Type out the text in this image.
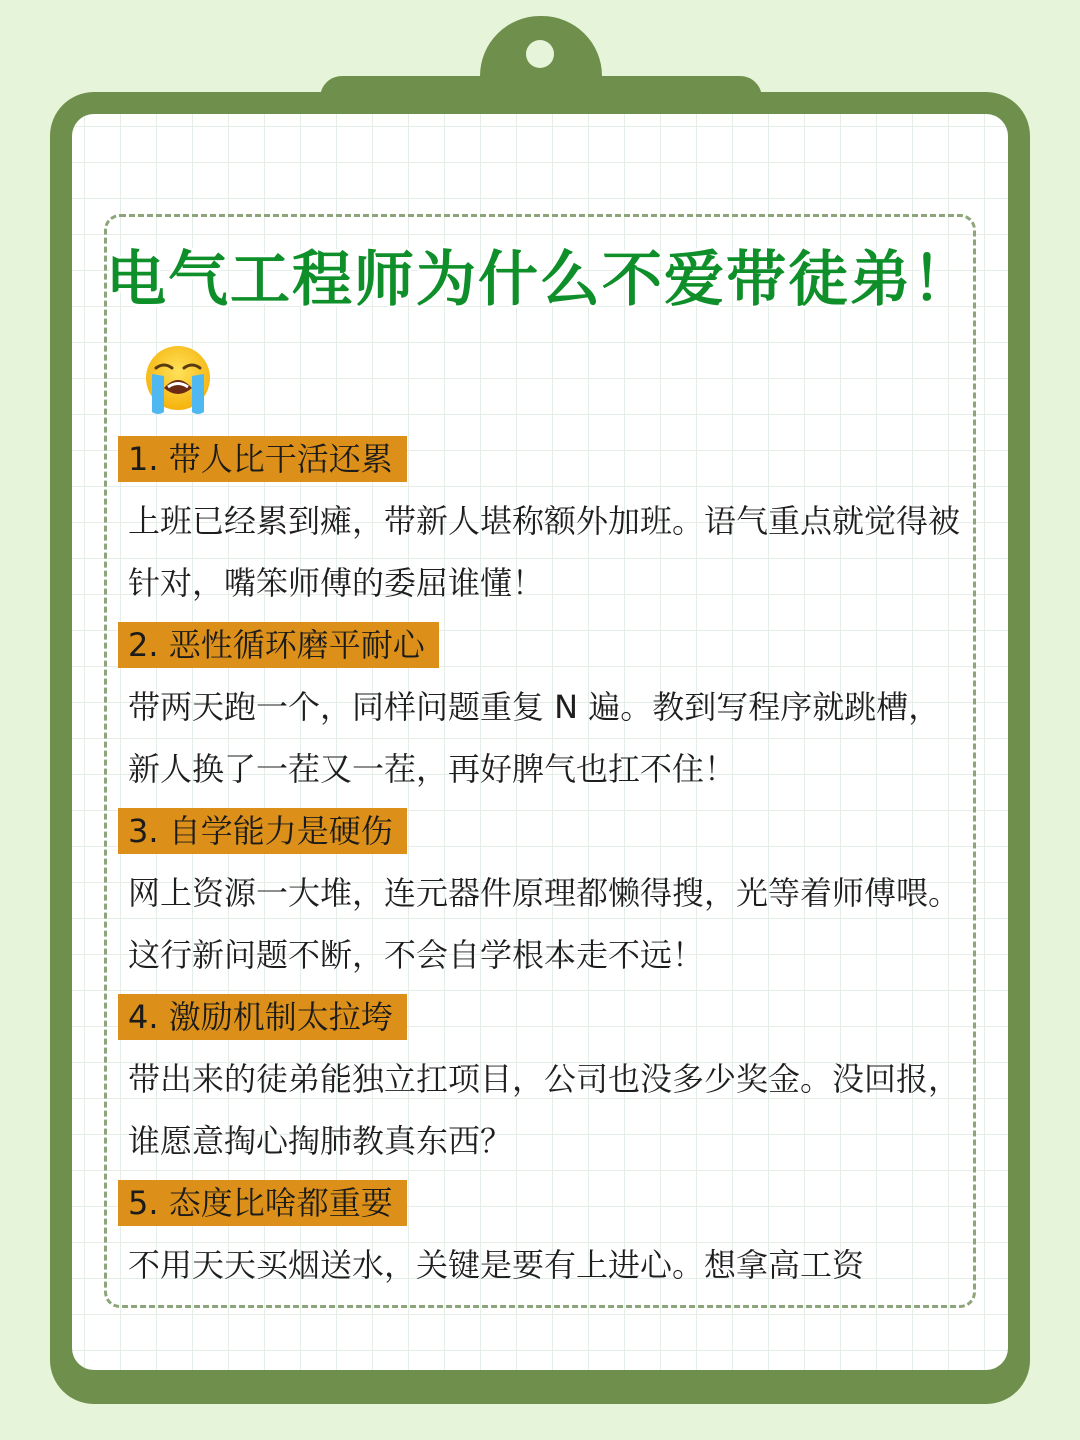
电气工程师为什么不爱带徒弟！
1. 带人比干活还累
上班已经累到瘫，带新人堪称额外加班。语气重点就觉得被针对，嘴笨师傅的委屈谁懂！
2. 恶性循环磨平耐心
带两天跑一个，同样问题重复 N 遍。教到写程序就跳槽，新人换了一茬又一茬，再好脾气也扛不住！
3. 自学能力是硬伤
网上资源一大堆，连元器件原理都懒得搜，光等着师傅喂。这行新问题不断，不会自学根本走不远！
4. 激励机制太拉垮
带出来的徒弟能独立扛项目，公司也没多少奖金。没回报，谁愿意掏心掏肺教真东西？
5. 态度比啥都重要
不用天天买烟送水，关键是要有上进心。想拿高工资
